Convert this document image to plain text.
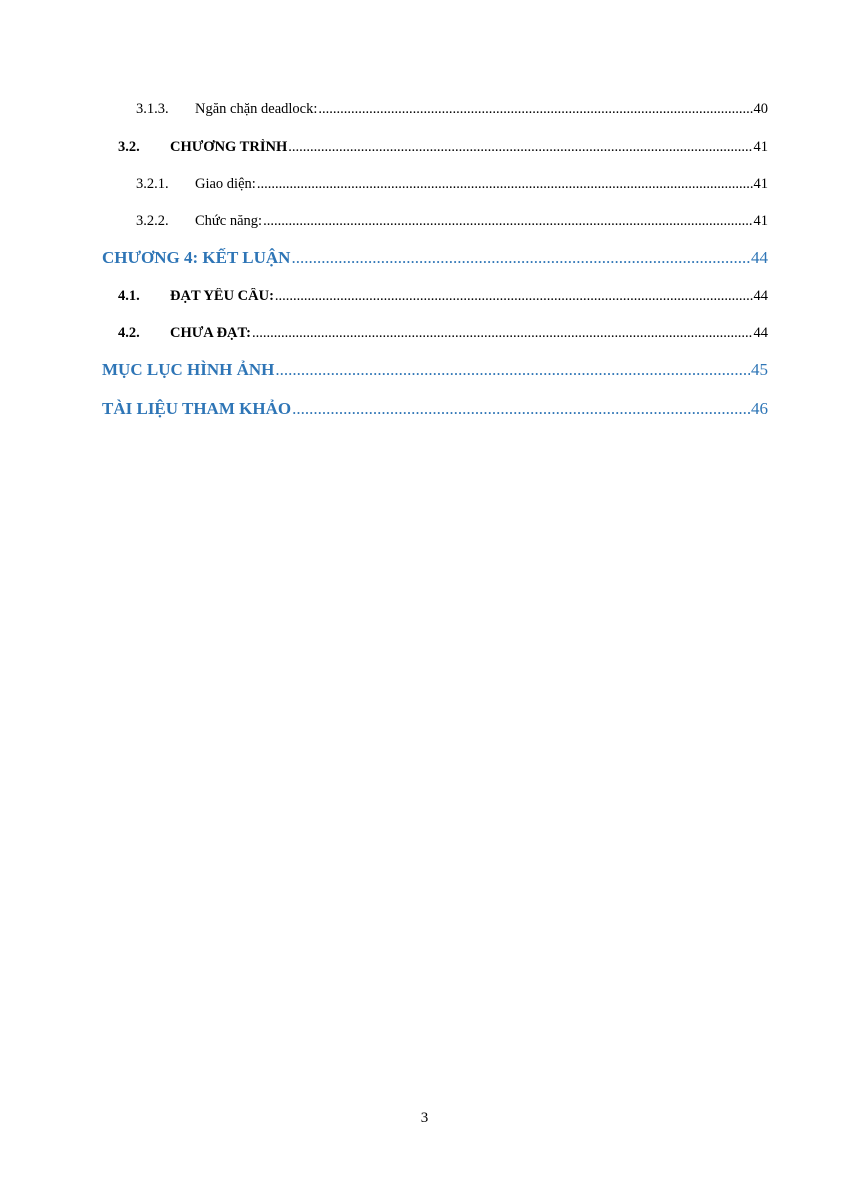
3.1.3.	Ngăn chặn deadlock: .....	40
3.2.	CHƯƠNG TRÌNH .....	41
3.2.1.	Giao diện: .....	41
3.2.2.	Chức năng: .....	41
CHƯƠNG 4: KẾT LUẬN .....	44
4.1.	ĐẠT YÊU CẦU: .....	44
4.2.	CHƯA ĐẠT: .....	44
MỤC LỤC HÌNH ẢNH .....	45
TÀI LIỆU THAM KHẢO .....	46
3
